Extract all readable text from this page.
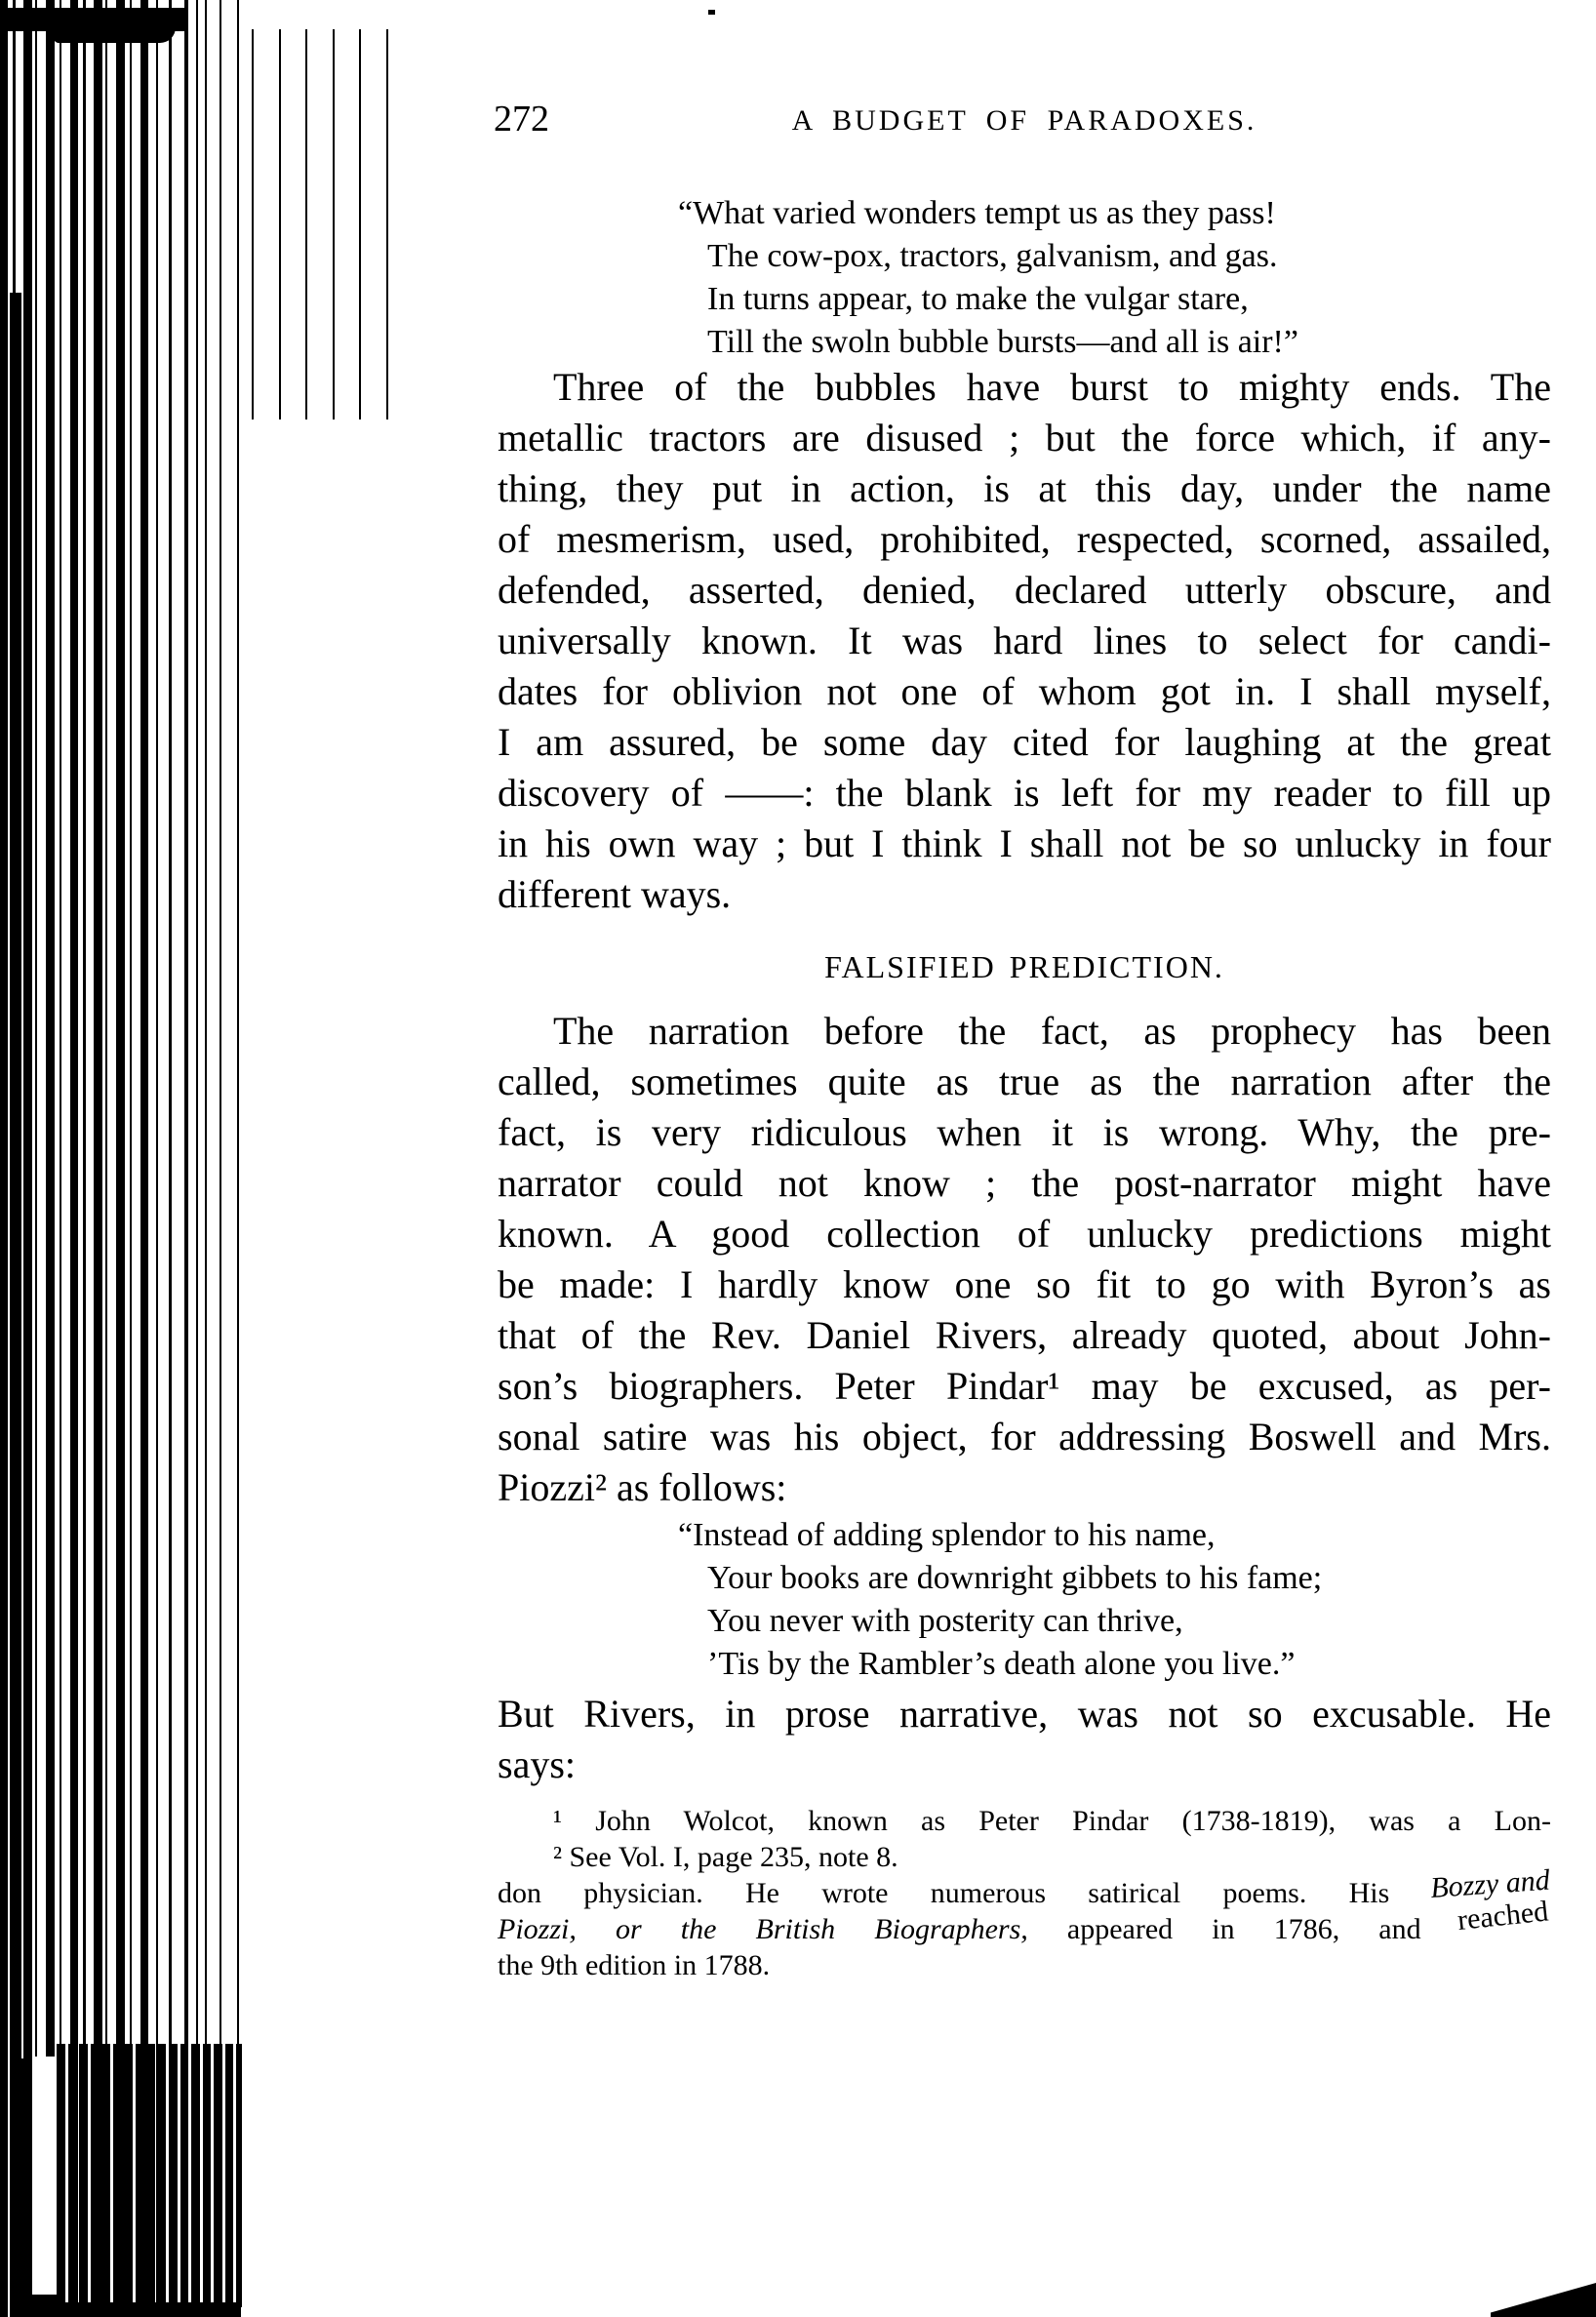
272	A BUDGET OF PARADOXES.
“What varied wonders tempt us as they pass!
The cow-pox, tractors, galvanism, and gas.
In turns appear, to make the vulgar stare,
Till the swoln bubble bursts—and all is air!”
Three of the bubbles have burst to mighty ends. The
metallic tractors are disused ; but the force which, if any-
thing, they put in action, is at this day, under the name
of mesmerism, used, prohibited, respected, scorned, assailed,
defended, asserted, denied, declared utterly obscure, and
universally known. It was hard lines to select for candi-
dates for oblivion not one of whom got in. I shall myself,
I am assured, be some day cited for laughing at the great
discovery of ——: the blank is left for my reader to fill up
in his own way ; but I think I shall not be so unlucky in four
different ways.
FALSIFIED PREDICTION.
The narration before the fact, as prophecy has been
called, sometimes quite as true as the narration after the
fact, is very ridiculous when it is wrong. Why, the pre-
narrator could not know ; the post-narrator might have
known. A good collection of unlucky predictions might
be made: I hardly know one so fit to go with Byron’s as
that of the Rev. Daniel Rivers, already quoted, about John-
son’s biographers. Peter Pindar¹ may be excused, as per-
sonal satire was his object, for addressing Boswell and Mrs.
Piozzi² as follows:
“Instead of adding splendor to his name,
Your books are downright gibbets to his fame;
You never with posterity can thrive,
’Tis by the Rambler’s death alone you live.”
But Rivers, in prose narrative, was not so excusable. He
says:
¹ John Wolcot, known as Peter Pindar (1738-1819), was a Lon-
² See Vol. I, page 235, note 8.
don physician. He wrote numerous satirical poems. His Bozzy and
Piozzi, or the British Biographers, appeared in 1786, and reached
the 9th edition in 1788.
